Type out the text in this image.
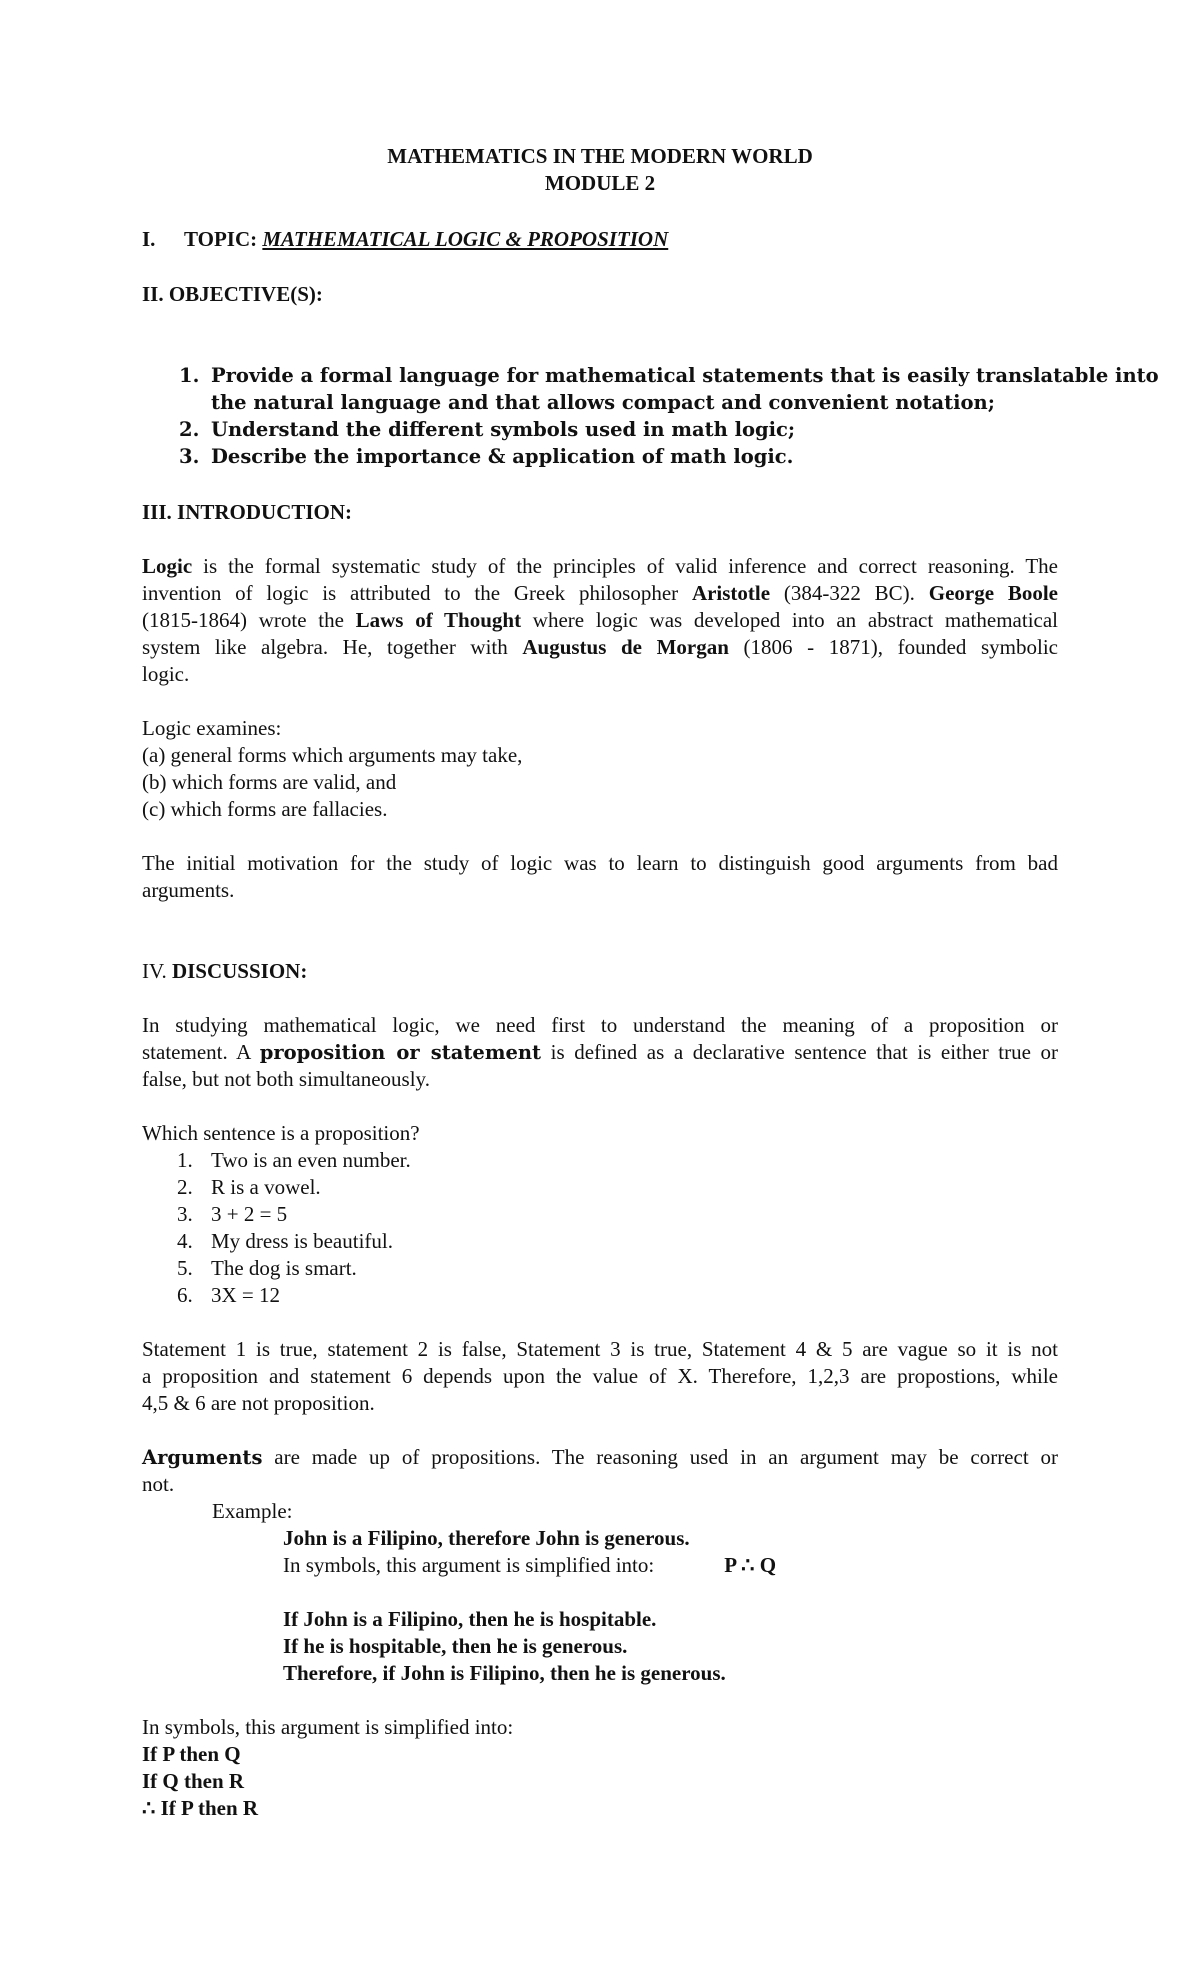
MATHEMATICS IN THE MODERN WORLD

MODULE 2

I. TOPIC: MATHEMATICAL LOGIC & PROPOSITION

II. OBJECTIVE(S):

1. Provide a formal language for mathematical statements that is easily translatable into

the natural language and that allows compact and convenient notation;

2. Understand the different symbols used in math logic;

3. Describe the importance & application of math logic.

III. INTRODUCTION:

Logic is the formal systematic study of the principles of valid inference and correct reasoning. The

invention of logic is attributed to the Greek philosopher Aristotle (384-322 BC). George Boole

(1815-1864) wrote the Laws of Thought where logic was developed into an abstract mathematical

system like algebra. He, together with Augustus de Morgan (1806 - 1871), founded symbolic

logic.

Logic examines:

(a) general forms which arguments may take,

(b) which forms are valid, and

(c) which forms are fallacies.

The initial motivation for the study of logic was to learn to distinguish good arguments from bad

arguments.

IV. DISCUSSION:

In studying mathematical logic, we need first to understand the meaning of a proposition or

statement. A proposition or statement is defined as a declarative sentence that is either true or

false, but not both simultaneously.

Which sentence is a proposition?

1. Two is an even number.

2. R is a vowel.

3. 3 + 2 = 5

4. My dress is beautiful.

5. The dog is smart.

6. 3X = 12

Statement 1 is true, statement 2 is false, Statement 3 is true, Statement 4 & 5 are vague so it is not

a proposition and statement 6 depends upon the value of X. Therefore, 1,2,3 are propostions, while

4,5 & 6 are not proposition.

Arguments are made up of propositions. The reasoning used in an argument may be correct or

not.

Example:

John is a Filipino, therefore John is generous.

In symbols, this argument is simplified into:	P ∴ Q

If John is a Filipino, then he is hospitable.

If he is hospitable, then he is generous.

Therefore, if John is Filipino, then he is generous.

In symbols, this argument is simplified into:

If P then Q

If Q then R

∴ If P then R
